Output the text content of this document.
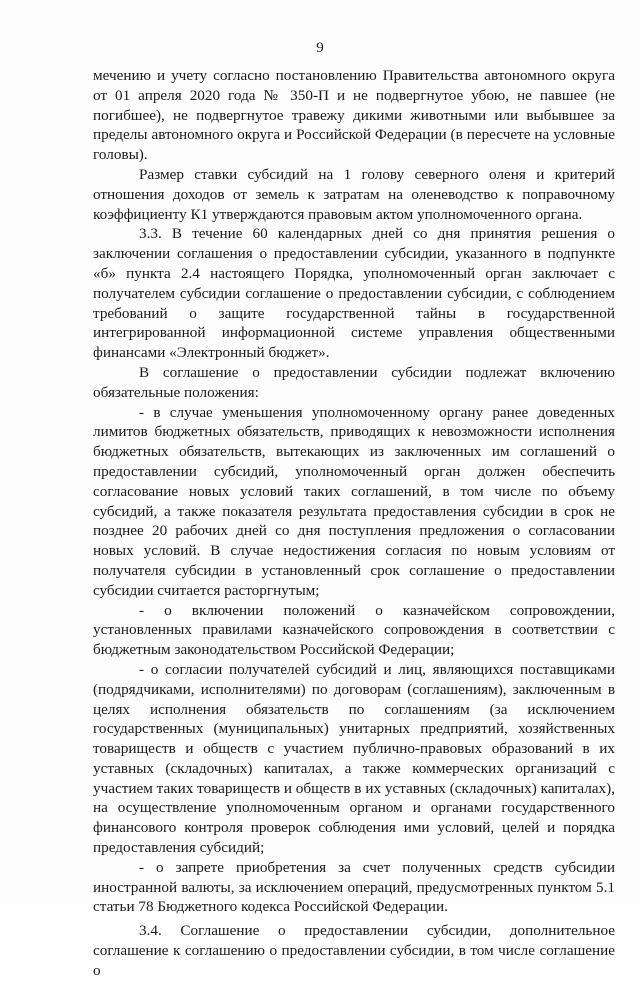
9

мечению и учету согласно постановлению Правительства автономного округа от 01 апреля 2020 года № 350-П и не подвергнутое убою, не павшее (не погибшее), не подвергнутое травежу дикими животными или выбывшее за пределы автономного округа и Российской Федерации (в пересчете на условные головы).

Размер ставки субсидий на 1 голову северного оленя и критерий отношения доходов от земель к затратам на оленеводство к поправочному коэффициенту К1 утверждаются правовым актом уполномоченного органа.

3.3. В течение 60 календарных дней со дня принятия решения о заключении соглашения о предоставлении субсидии, указанного в подпункте «б» пункта 2.4 настоящего Порядка, уполномоченный орган заключает с получателем субсидии соглашение о предоставлении субсидии, с соблюдением требований о защите государственной тайны в государственной интегрированной информационной системе управления общественными финансами «Электронный бюджет».

В соглашение о предоставлении субсидии подлежат включению обязательные положения:

- в случае уменьшения уполномоченному органу ранее доведенных лимитов бюджетных обязательств, приводящих к невозможности исполнения бюджетных обязательств, вытекающих из заключенных им соглашений о предоставлении субсидий, уполномоченный орган должен обеспечить согласование новых условий таких соглашений, в том числе по объему субсидий, а также показателя результата предоставления субсидии в срок не позднее 20 рабочих дней со дня поступления предложения о согласовании новых условий. В случае недостижения согласия по новым условиям от получателя субсидии в установленный срок соглашение о предоставлении субсидии считается расторгнутым;

- о включении положений о казначейском сопровождении, установленных правилами казначейского сопровождения в соответствии с бюджетным законодательством Российской Федерации;

- о согласии получателей субсидий и лиц, являющихся поставщиками (подрядчиками, исполнителями) по договорам (соглашениям), заключенным в целях исполнения обязательств по соглашениям (за исключением государственных (муниципальных) унитарных предприятий, хозяйственных товариществ и обществ с участием публично-правовых образований в их уставных (складочных) капиталах, а также коммерческих организаций с участием таких товариществ и обществ в их уставных (складочных) капиталах), на осуществление уполномоченным органом и органами государственного финансового контроля проверок соблюдения ими условий, целей и порядка предоставления субсидий;

- о запрете приобретения за счет полученных средств субсидии иностранной валюты, за исключением операций, предусмотренных пунктом 5.1 статьи 78 Бюджетного кодекса Российской Федерации.

3.4. Соглашение о предоставлении субсидии, дополнительное соглашение к соглашению о предоставлении субсидии, в том числе соглашение о
